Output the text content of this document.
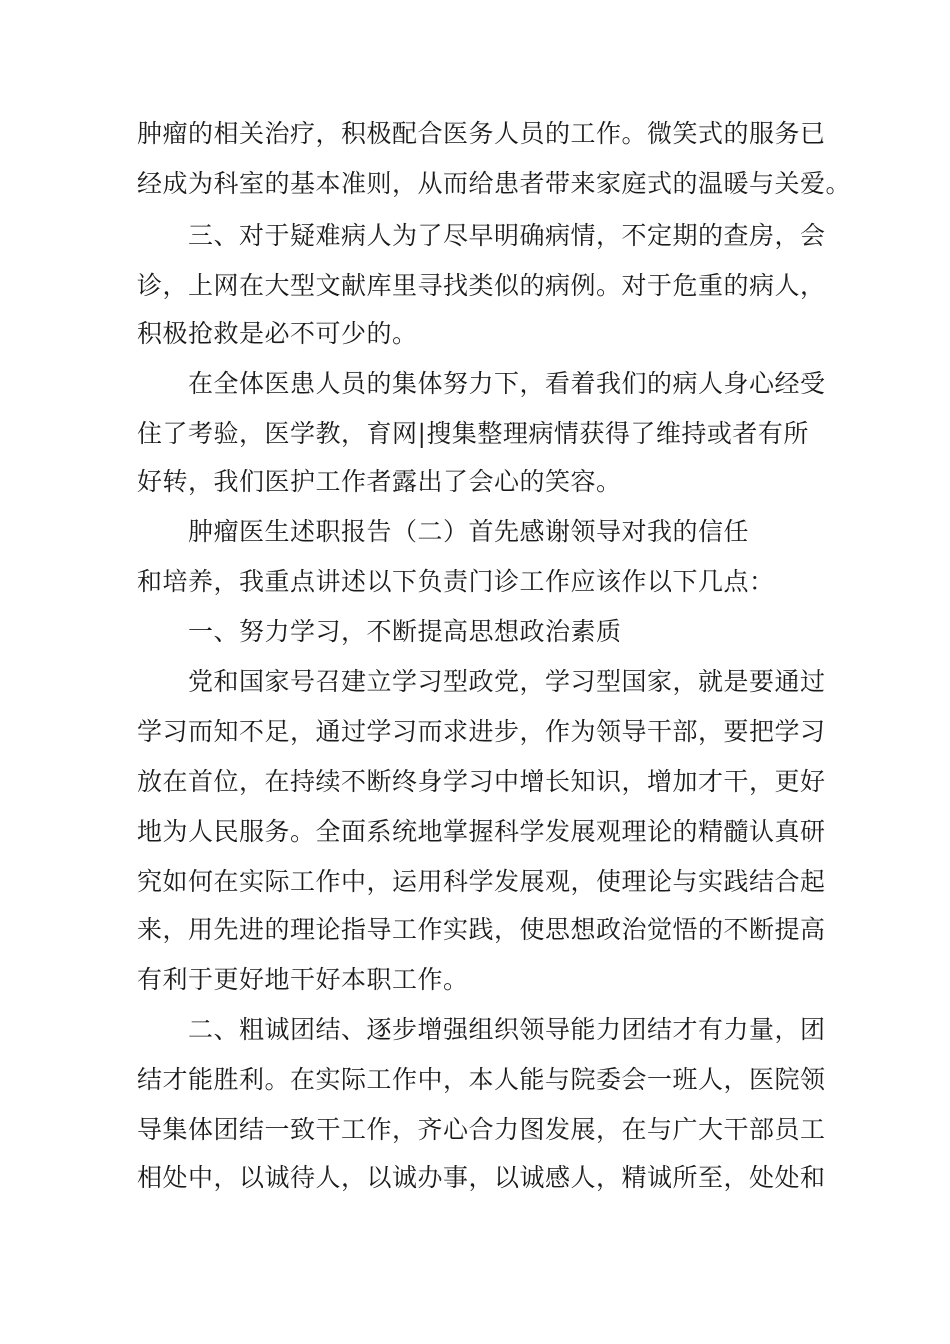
肿瘤的相关治疗，积极配合医务人员的工作。微笑式的服务已
经成为科室的基本准则，从而给患者带来家庭式的温暖与关爱。
三、对于疑难病人为了尽早明确病情，不定期的查房，会
诊，上网在大型文献库里寻找类似的病例。对于危重的病人，
积极抢救是必不可少的。
在全体医患人员的集体努力下，看着我们的病人身心经受
住了考验，医学教，育网|搜集整理病情获得了维持或者有所
好转，我们医护工作者露出了会心的笑容。
肿瘤医生述职报告（二）首先感谢领导对我的信任
和培养，我重点讲述以下负责门诊工作应该作以下几点：
一、努力学习，不断提高思想政治素质
党和国家号召建立学习型政党，学习型国家，就是要通过
学习而知不足，通过学习而求进步，作为领导干部，要把学习
放在首位，在持续不断终身学习中增长知识，增加才干，更好
地为人民服务。全面系统地掌握科学发展观理论的精髓认真研
究如何在实际工作中，运用科学发展观，使理论与实践结合起
来，用先进的理论指导工作实践，使思想政治觉悟的不断提高
有利于更好地干好本职工作。
二、粗诚团结、逐步增强组织领导能力团结才有力量，团
结才能胜利。在实际工作中，本人能与院委会一班人，医院领
导集体团结一致干工作，齐心合力图发展，在与广大干部员工
相处中，以诚待人，以诚办事，以诚感人，精诚所至，处处和
